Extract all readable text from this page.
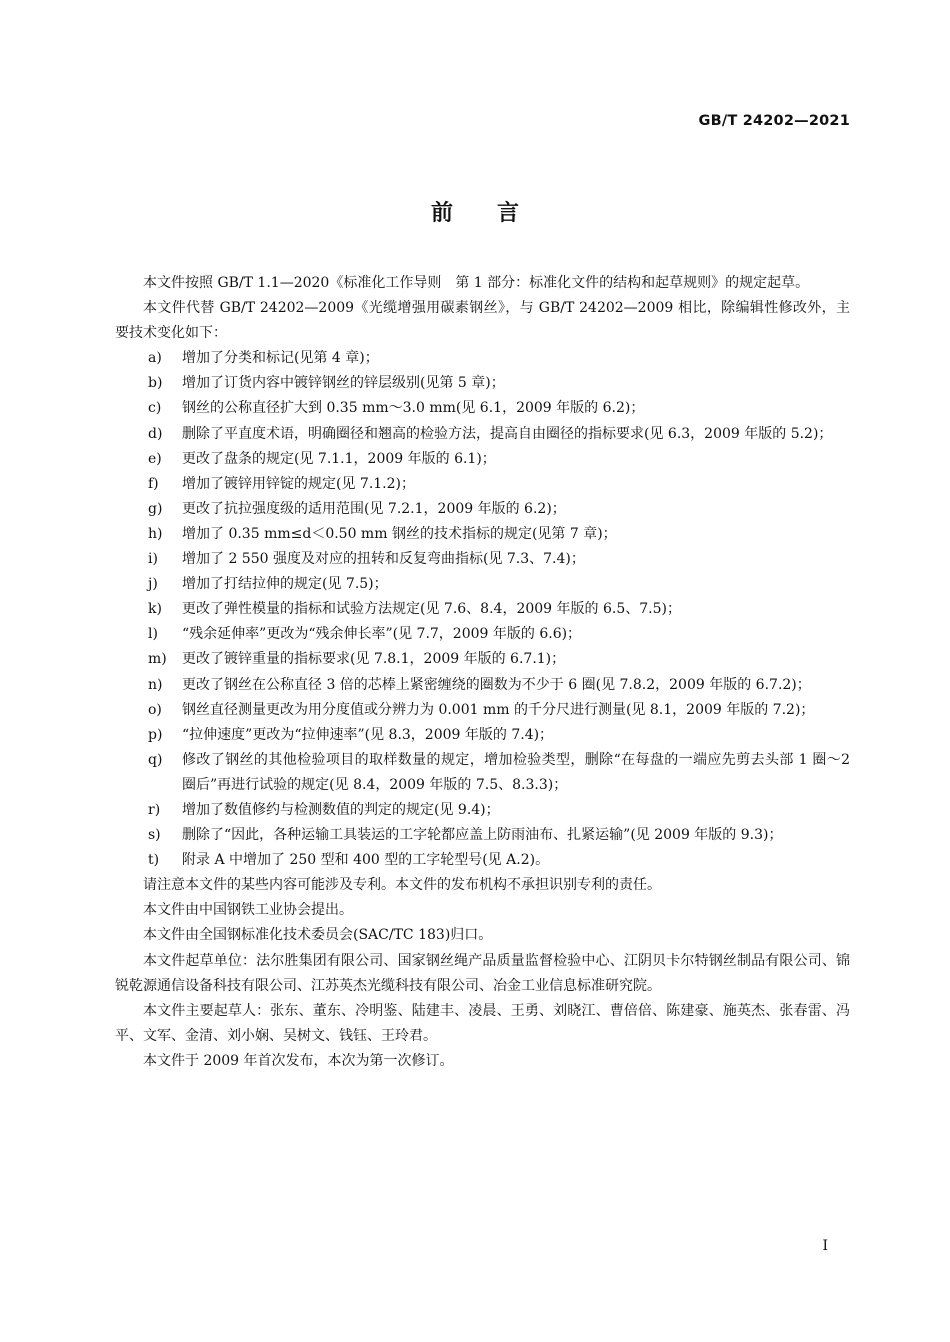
GB/T 24202—2021
前言

本文件按照 GB/T 1.1—2020《标准化工作导则　第 1 部分：标准化文件的结构和起草规则》的规定起草。

本文件代替 GB/T 24202—2009《光缆增强用碳素钢丝》，与 GB/T 24202—2009 相比，除编辑性修改外，主要技术变化如下：

a)	增加了分类和标记(见第 4 章)；
b)	增加了订货内容中镀锌钢丝的锌层级别(见第 5 章)；
c)	钢丝的公称直径扩大到 0.35 mm～3.0 mm(见 6.1，2009 年版的 6.2)；
d)	删除了平直度术语，明确圈径和翘高的检验方法，提高自由圈径的指标要求(见 6.3，2009 年版的 5.2)；
e)	更改了盘条的规定(见 7.1.1，2009 年版的 6.1)；
f)	增加了镀锌用锌锭的规定(见 7.1.2)；
g)	更改了抗拉强度级的适用范围(见 7.2.1，2009 年版的 6.2)；
h)	增加了 0.35 mm≤d＜0.50 mm 钢丝的技术指标的规定(见第 7 章)；
i)	增加了 2 550 强度及对应的扭转和反复弯曲指标(见 7.3、7.4)；
j)	增加了打结拉伸的规定(见 7.5)；
k)	更改了弹性模量的指标和试验方法规定(见 7.6、8.4，2009 年版的 6.5、7.5)；
l)	“残余延伸率”更改为“残余伸长率”(见 7.7，2009 年版的 6.6)；
m)	更改了镀锌重量的指标要求(见 7.8.1，2009 年版的 6.7.1)；
n)	更改了钢丝在公称直径 3 倍的芯棒上紧密缠绕的圈数为不少于 6 圈(见 7.8.2，2009 年版的 6.7.2)；
o)	钢丝直径测量更改为用分度值或分辨力为 0.001 mm 的千分尺进行测量(见 8.1，2009 年版的 7.2)；
p)	“拉伸速度”更改为“拉伸速率”(见 8.3，2009 年版的 7.4)；
q)	修改了钢丝的其他检验项目的取样数量的规定，增加检验类型，删除“在每盘的一端应先剪去头部 1 圈～2 圈后”再进行试验的规定(见 8.4，2009 年版的 7.5、8.3.3)；
r)	增加了数值修约与检测数值的判定的规定(见 9.4)；
s)	删除了“因此，各种运输工具装运的工字轮都应盖上防雨油布、扎紧运输”(见 2009 年版的 9.3)；
t)	附录 A 中增加了 250 型和 400 型的工字轮型号(见 A.2)。

请注意本文件的某些内容可能涉及专利。本文件的发布机构不承担识别专利的责任。

本文件由中国钢铁工业协会提出。

本文件由全国钢标准化技术委员会(SAC/TC 183)归口。

本文件起草单位：法尔胜集团有限公司、国家钢丝绳产品质量监督检验中心、江阴贝卡尔特钢丝制品有限公司、锦锐乾源通信设备科技有限公司、江苏英杰光缆科技有限公司、冶金工业信息标准研究院。

本文件主要起草人：张东、董东、冷明鉴、陆建丰、凌晨、王勇、刘晓江、曹倍倍、陈建豪、施英杰、张春雷、冯平、文军、金清、刘小娴、吴树文、钱钰、王玲君。

本文件于 2009 年首次发布，本次为第一次修订。

I
